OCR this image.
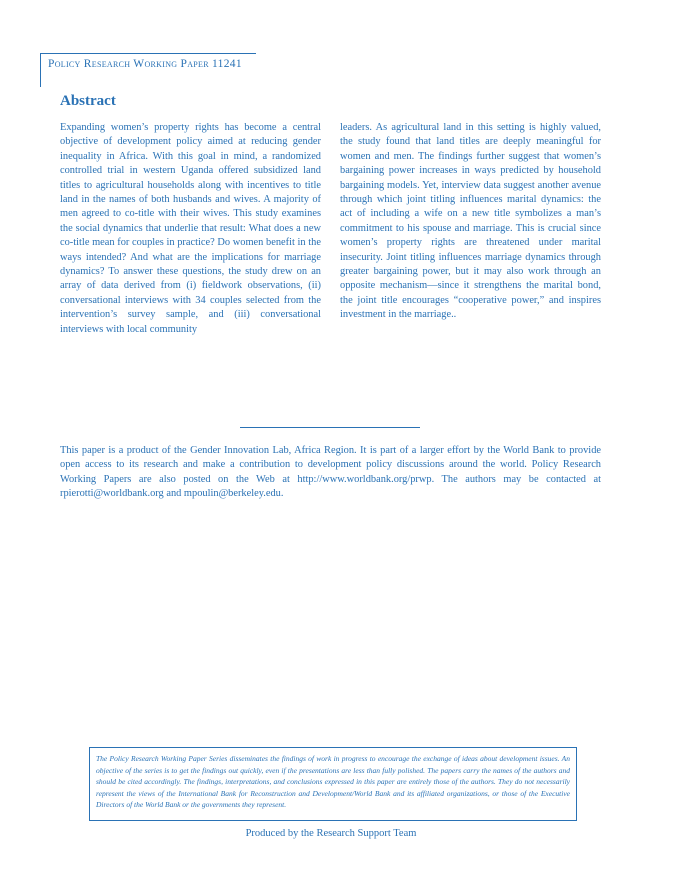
Policy Research Working Paper 11241
Abstract

Expanding women’s property rights has become a central objective of development policy aimed at reducing gender inequality in Africa. With this goal in mind, a randomized controlled trial in western Uganda offered subsidized land titles to agricultural households along with incentives to title land in the names of both husbands and wives. A majority of men agreed to co-title with their wives. This study examines the social dynamics that underlie that result: What does a new co-title mean for couples in practice? Do women benefit in the ways intended? And what are the implications for marriage dynamics? To answer these questions, the study drew on an array of data derived from (i) fieldwork observations, (ii) conversational interviews with 34 couples selected from the intervention’s survey sample, and (iii) conversational interviews with local community

leaders. As agricultural land in this setting is highly valued, the study found that land titles are deeply meaningful for women and men. The findings further suggest that women’s bargaining power increases in ways predicted by household bargaining models. Yet, interview data suggest another avenue through which joint titling influences marital dynamics: the act of including a wife on a new title symbolizes a man’s commitment to his spouse and marriage. This is crucial since women’s property rights are threatened under marital insecurity. Joint titling influences marriage dynamics through greater bargaining power, but it may also work through an opposite mechanism—since it strengthens the marital bond, the joint title encourages “cooperative power,” and inspires investment in the marriage..

This paper is a product of the Gender Innovation Lab, Africa Region. It is part of a larger effort by the World Bank to provide open access to its research and make a contribution to development policy discussions around the world. Policy Research Working Papers are also posted on the Web at http://www.worldbank.org/prwp. The authors may be contacted at rpierotti@worldbank.org and mpoulin@berkeley.edu.

The Policy Research Working Paper Series disseminates the findings of work in progress to encourage the exchange of ideas about development issues. An objective of the series is to get the findings out quickly, even if the presentations are less than fully polished. The papers carry the names of the authors and should be cited accordingly. The findings, interpretations, and conclusions expressed in this paper are entirely those of the authors. They do not necessarily represent the views of the International Bank for Reconstruction and Development/World Bank and its affiliated organizations, or those of the Executive Directors of the World Bank or the governments they represent.

Produced by the Research Support Team
